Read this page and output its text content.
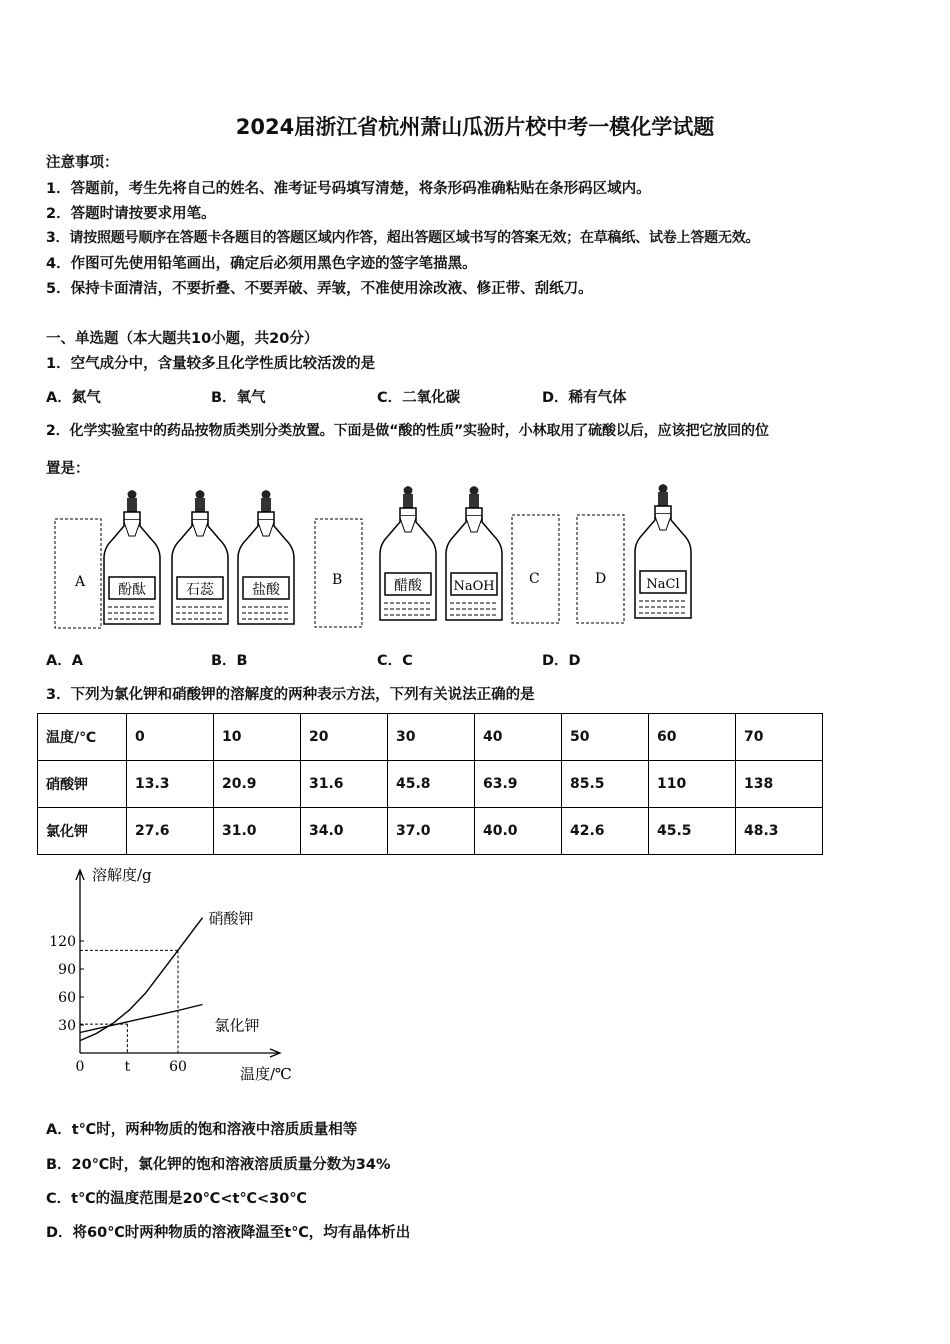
2024届浙江省杭州萧山瓜沥片校中考一模化学试题
注意事项：
1．答题前，考生先将自己的姓名、准考证号码填写清楚，将条形码准确粘贴在条形码区域内。
2．答题时请按要求用笔。
3．请按照题号顺序在答题卡各题目的答题区域内作答，超出答题区域书写的答案无效；在草稿纸、试卷上答题无效。
4．作图可先使用铅笔画出，确定后必须用黑色字迹的签字笔描黑。
5．保持卡面清洁，不要折叠、不要弄破、弄皱，不准使用涂改液、修正带、刮纸刀。
一、单选题（本大题共10小题，共20分）
1．空气成分中，含量较多且化学性质比较活泼的是
A．氮气	B．氧气	C．二氧化碳	D．稀有气体
2．化学实验室中的药品按物质类别分类放置。下面是做“酸的性质”实验时，小林取用了硫酸以后，应该把它放回的位
置是：
A 酚酞	石蕊	盐酸
B	醋酸 NaOH C	D	NaCl
A．A	B．B	C．C	D．D
3．下列为氯化钾和硝酸钾的溶解度的两种表示方法，下列有关说法正确的是
温度/℃	0	10	20	30	40	50	60	70
硝酸钾	13.3	20.9	31.6	45.8	63.9	85.5	110	138
氯化钾	27.6	31.0	34.0	37.0	40.0	42.6	45.5	48.3
溶解度/g
温度/℃
120
90
60
30
0	t	60
硝酸钾
氯化钾
A．t℃时，两种物质的饱和溶液中溶质质量相等
B．20℃时，氯化钾的饱和溶液溶质质量分数为34%
C．t℃的温度范围是20℃<t℃<30℃
D．将60℃时两种物质的溶液降温至t℃，均有晶体析出
